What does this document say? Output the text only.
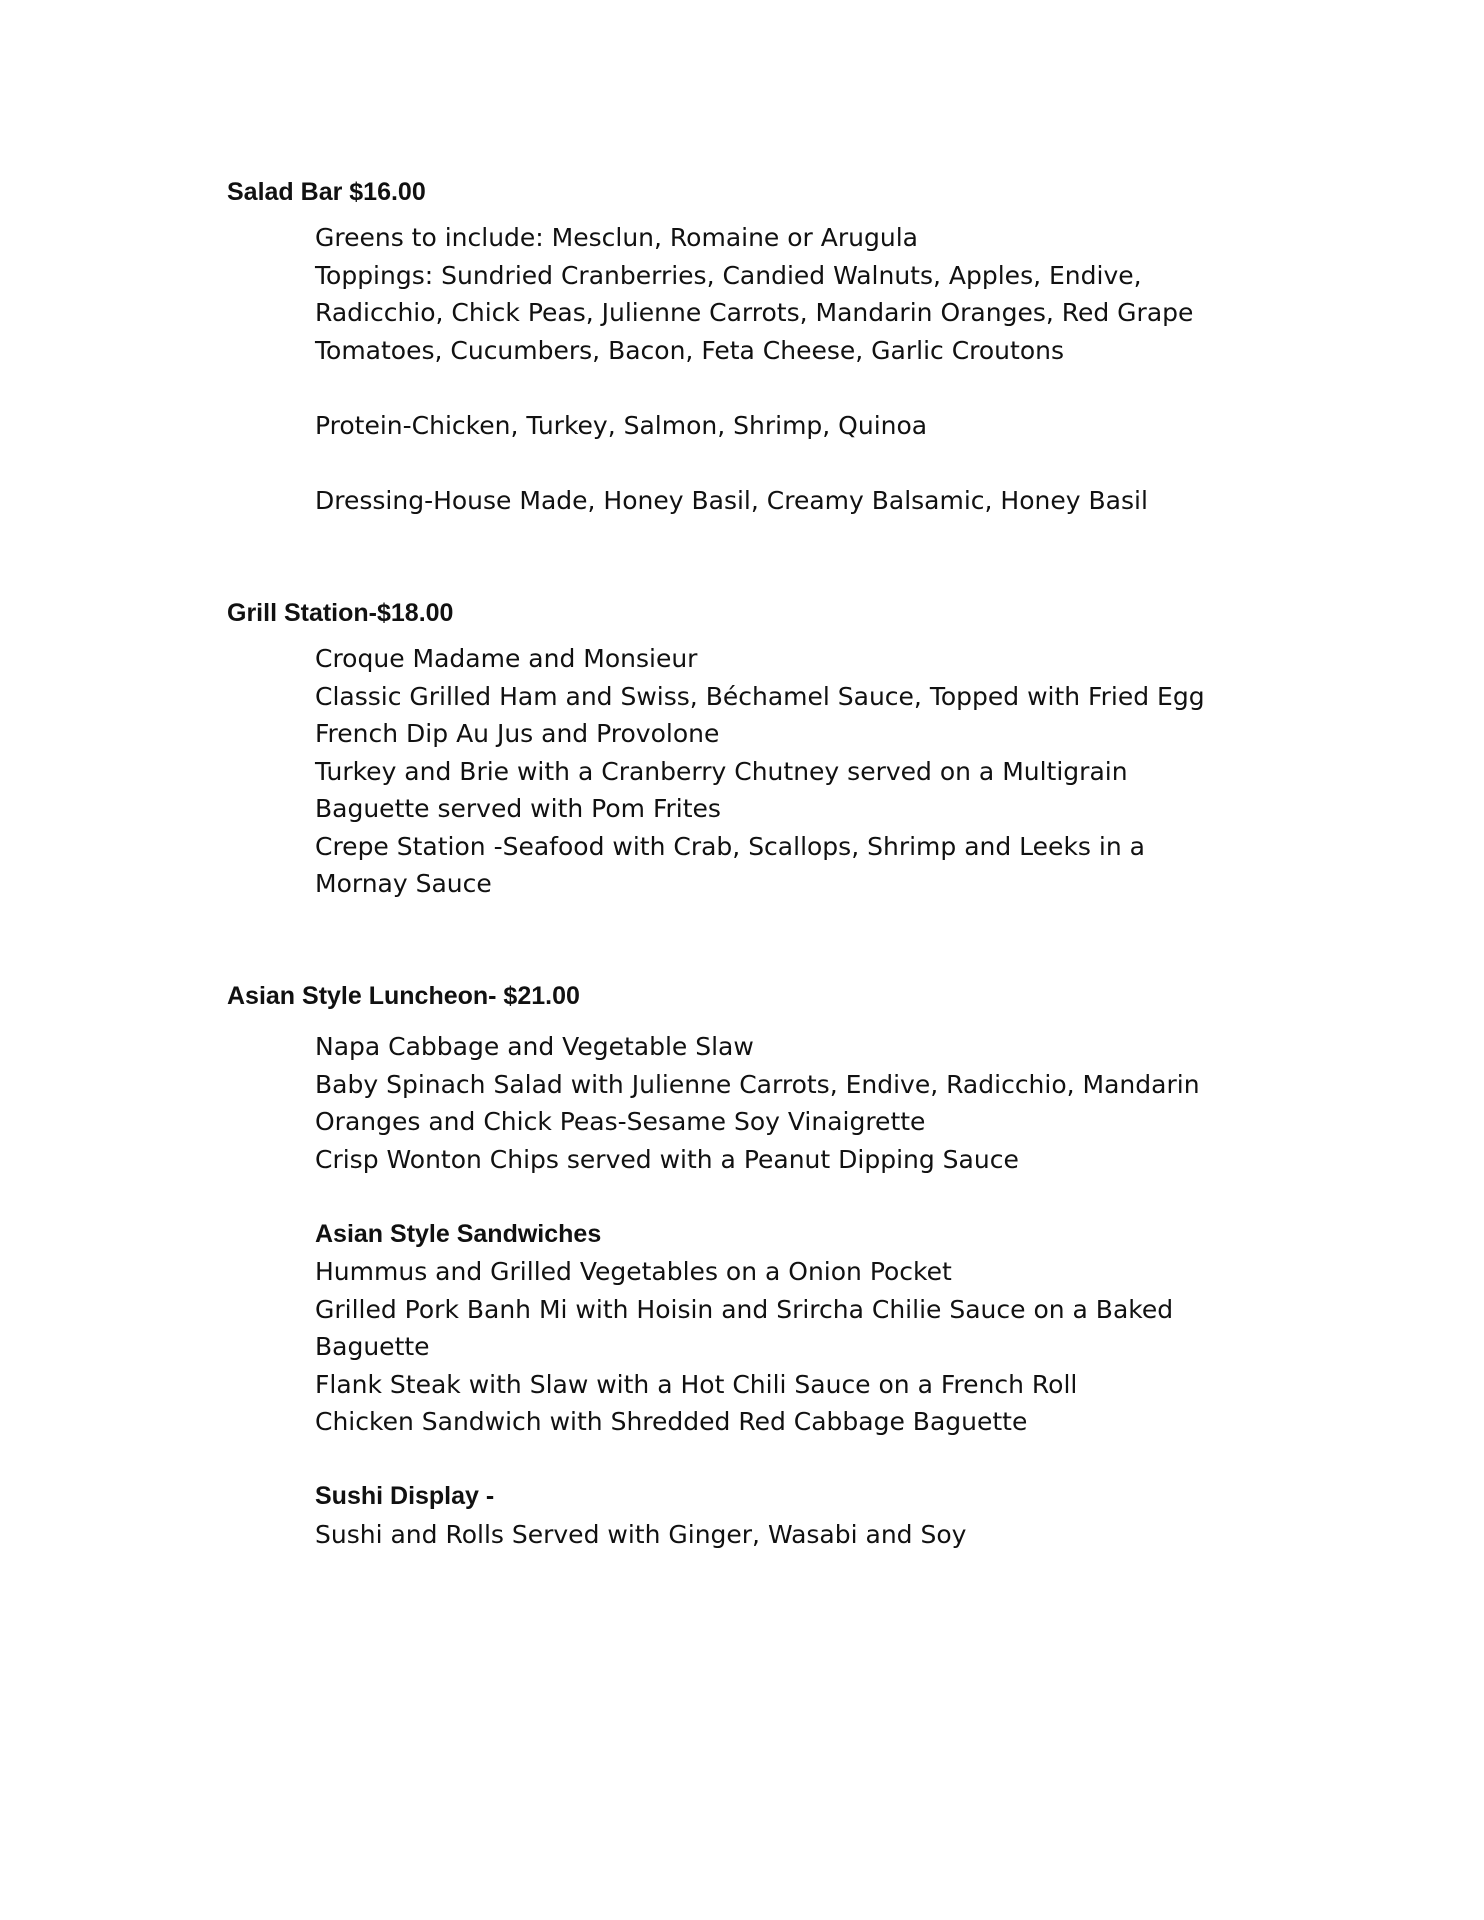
Salad Bar $16.00
Greens to include: Mesclun, Romaine or Arugula
Toppings: Sundried Cranberries, Candied Walnuts, Apples, Endive,
Radicchio, Chick Peas, Julienne Carrots, Mandarin Oranges, Red Grape
Tomatoes, Cucumbers, Bacon, Feta Cheese, Garlic Croutons
Protein-Chicken, Turkey, Salmon, Shrimp, Quinoa
Dressing-House Made, Honey Basil, Creamy Balsamic, Honey Basil
Grill Station-$18.00
Croque Madame and Monsieur
Classic Grilled Ham and Swiss, Béchamel Sauce, Topped with Fried Egg
French Dip Au Jus and Provolone
Turkey and Brie with a Cranberry Chutney served on a Multigrain
Baguette served with Pom Frites
Crepe Station -Seafood with Crab, Scallops, Shrimp and Leeks in a
Mornay Sauce
Asian Style Luncheon- $21.00
Napa Cabbage and Vegetable Slaw
Baby Spinach Salad with Julienne Carrots, Endive, Radicchio, Mandarin
Oranges and Chick Peas-Sesame Soy Vinaigrette
Crisp Wonton Chips served with a Peanut Dipping Sauce
Asian Style Sandwiches
Hummus and Grilled Vegetables on a Onion Pocket
Grilled Pork Banh Mi with Hoisin and Srircha Chilie Sauce on a Baked
Baguette
Flank Steak with Slaw with a Hot Chili Sauce on a French Roll
Chicken Sandwich with Shredded Red Cabbage Baguette
Sushi Display -
Sushi and Rolls Served with Ginger, Wasabi and Soy
